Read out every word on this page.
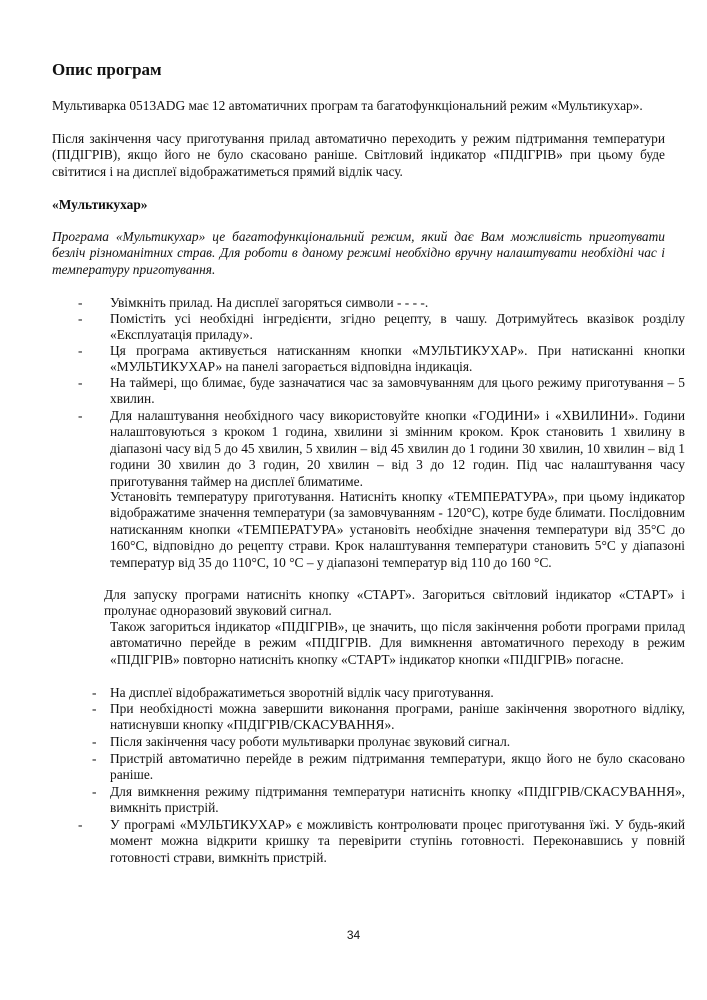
Опис програм

Мультиварка 0513ADG має 12 автоматичних програм та багатофункціональний режим «Мультикухар».

Після закінчення часу приготування прилад автоматично переходить у режим підтримання температури (ПІДІГРІВ), якщо його не було скасовано раніше. Світловий індикатор «ПІДІГРІВ» при цьому буде світитися і на дисплеї відображатиметься прямий відлік часу.

«Мультикухар»
Програма «Мультикухар» це багатофункціональний режим, який дає Вам можливість приготувати безліч різноманітних страв. Для роботи в даному режимі необхідно вручну налаштувати необхідні час і температуру приготування.
- Увімкніть прилад. На дисплеї загоряться символи - - - -.
- Помістіть усі необхідні інгредієнти, згідно рецепту, в чашу. Дотримуйтесь вказівок розділу «Експлуатація приладу».
- Ця програма активується натисканням кнопки «МУЛЬТИКУХАР». При натисканні кнопки «МУЛЬТИКУХАР» на панелі загорається відповідна індикація.
- На таймері, що блимає, буде зазначатися час за замовчуванням для цього режиму приготування – 5 хвилин.
- Для налаштування необхідного часу використовуйте кнопки «ГОДИНИ» і «ХВИЛИНИ». Години налаштовуються з кроком 1 година, хвилини зі змінним кроком. Крок становить 1 хвилину в діапазоні часу від 5 до 45 хвилин, 5 хвилин – від 45 хвилин до 1 години 30 хвилин, 10 хвилин – від 1 години 30 хвилин до 3 годин, 20 хвилин – від 3 до 12 годин. Під час налаштування часу приготування таймер на дисплеї блиматиме.
Установіть температуру приготування. Натисніть кнопку «ТЕМПЕРАТУРА», при цьому індикатор відображатиме значення температури (за замовчуванням - 120°С), котре буде блимати. Послідовним натисканням кнопки «ТЕМПЕРАТУРА» установіть необхідне значення температури від 35°С до 160°С, відповідно до рецепту страви. Крок налаштування температури становить 5°С у діапазоні температур від 35 до 110°С, 10 °С – у діапазоні температур від 110 до 160 °С.
Для запуску програми натисніть кнопку «СТАРТ». Загориться світловий індикатор «СТАРТ» і пролунає одноразовий звуковий сигнал.
Також загориться індикатор «ПІДІГРІВ», це значить, що після закінчення роботи програми прилад автоматично перейде в режим «ПІДІГРІВ. Для вимкнення автоматичного переходу в режим «ПІДІГРІВ» повторно натисніть кнопку «СТАРТ» індикатор кнопки «ПІДІГРІВ» погасне.
- На дисплеї відображатиметься зворотній відлік часу приготування.
- При необхідності можна завершити виконання програми, раніше закінчення зворотного відліку, натиснувши кнопку «ПІДІГРІВ/СКАСУВАННЯ».
- Після закінчення часу роботи мультиварки пролунає звуковий сигнал.
- Пристрій автоматично перейде в режим підтримання температури, якщо його не було скасовано раніше.
- Для вимкнення режиму підтримання температури натисніть кнопку «ПІДІГРІВ/СКАСУВАННЯ», вимкніть пристрій.
- У програмі «МУЛЬТИКУХАР» є можливість контролювати процес приготування їжі. У будь-який момент можна відкрити кришку та перевірити ступінь готовності. Переконавшись у повній готовності страви, вимкніть пристрій.
34
